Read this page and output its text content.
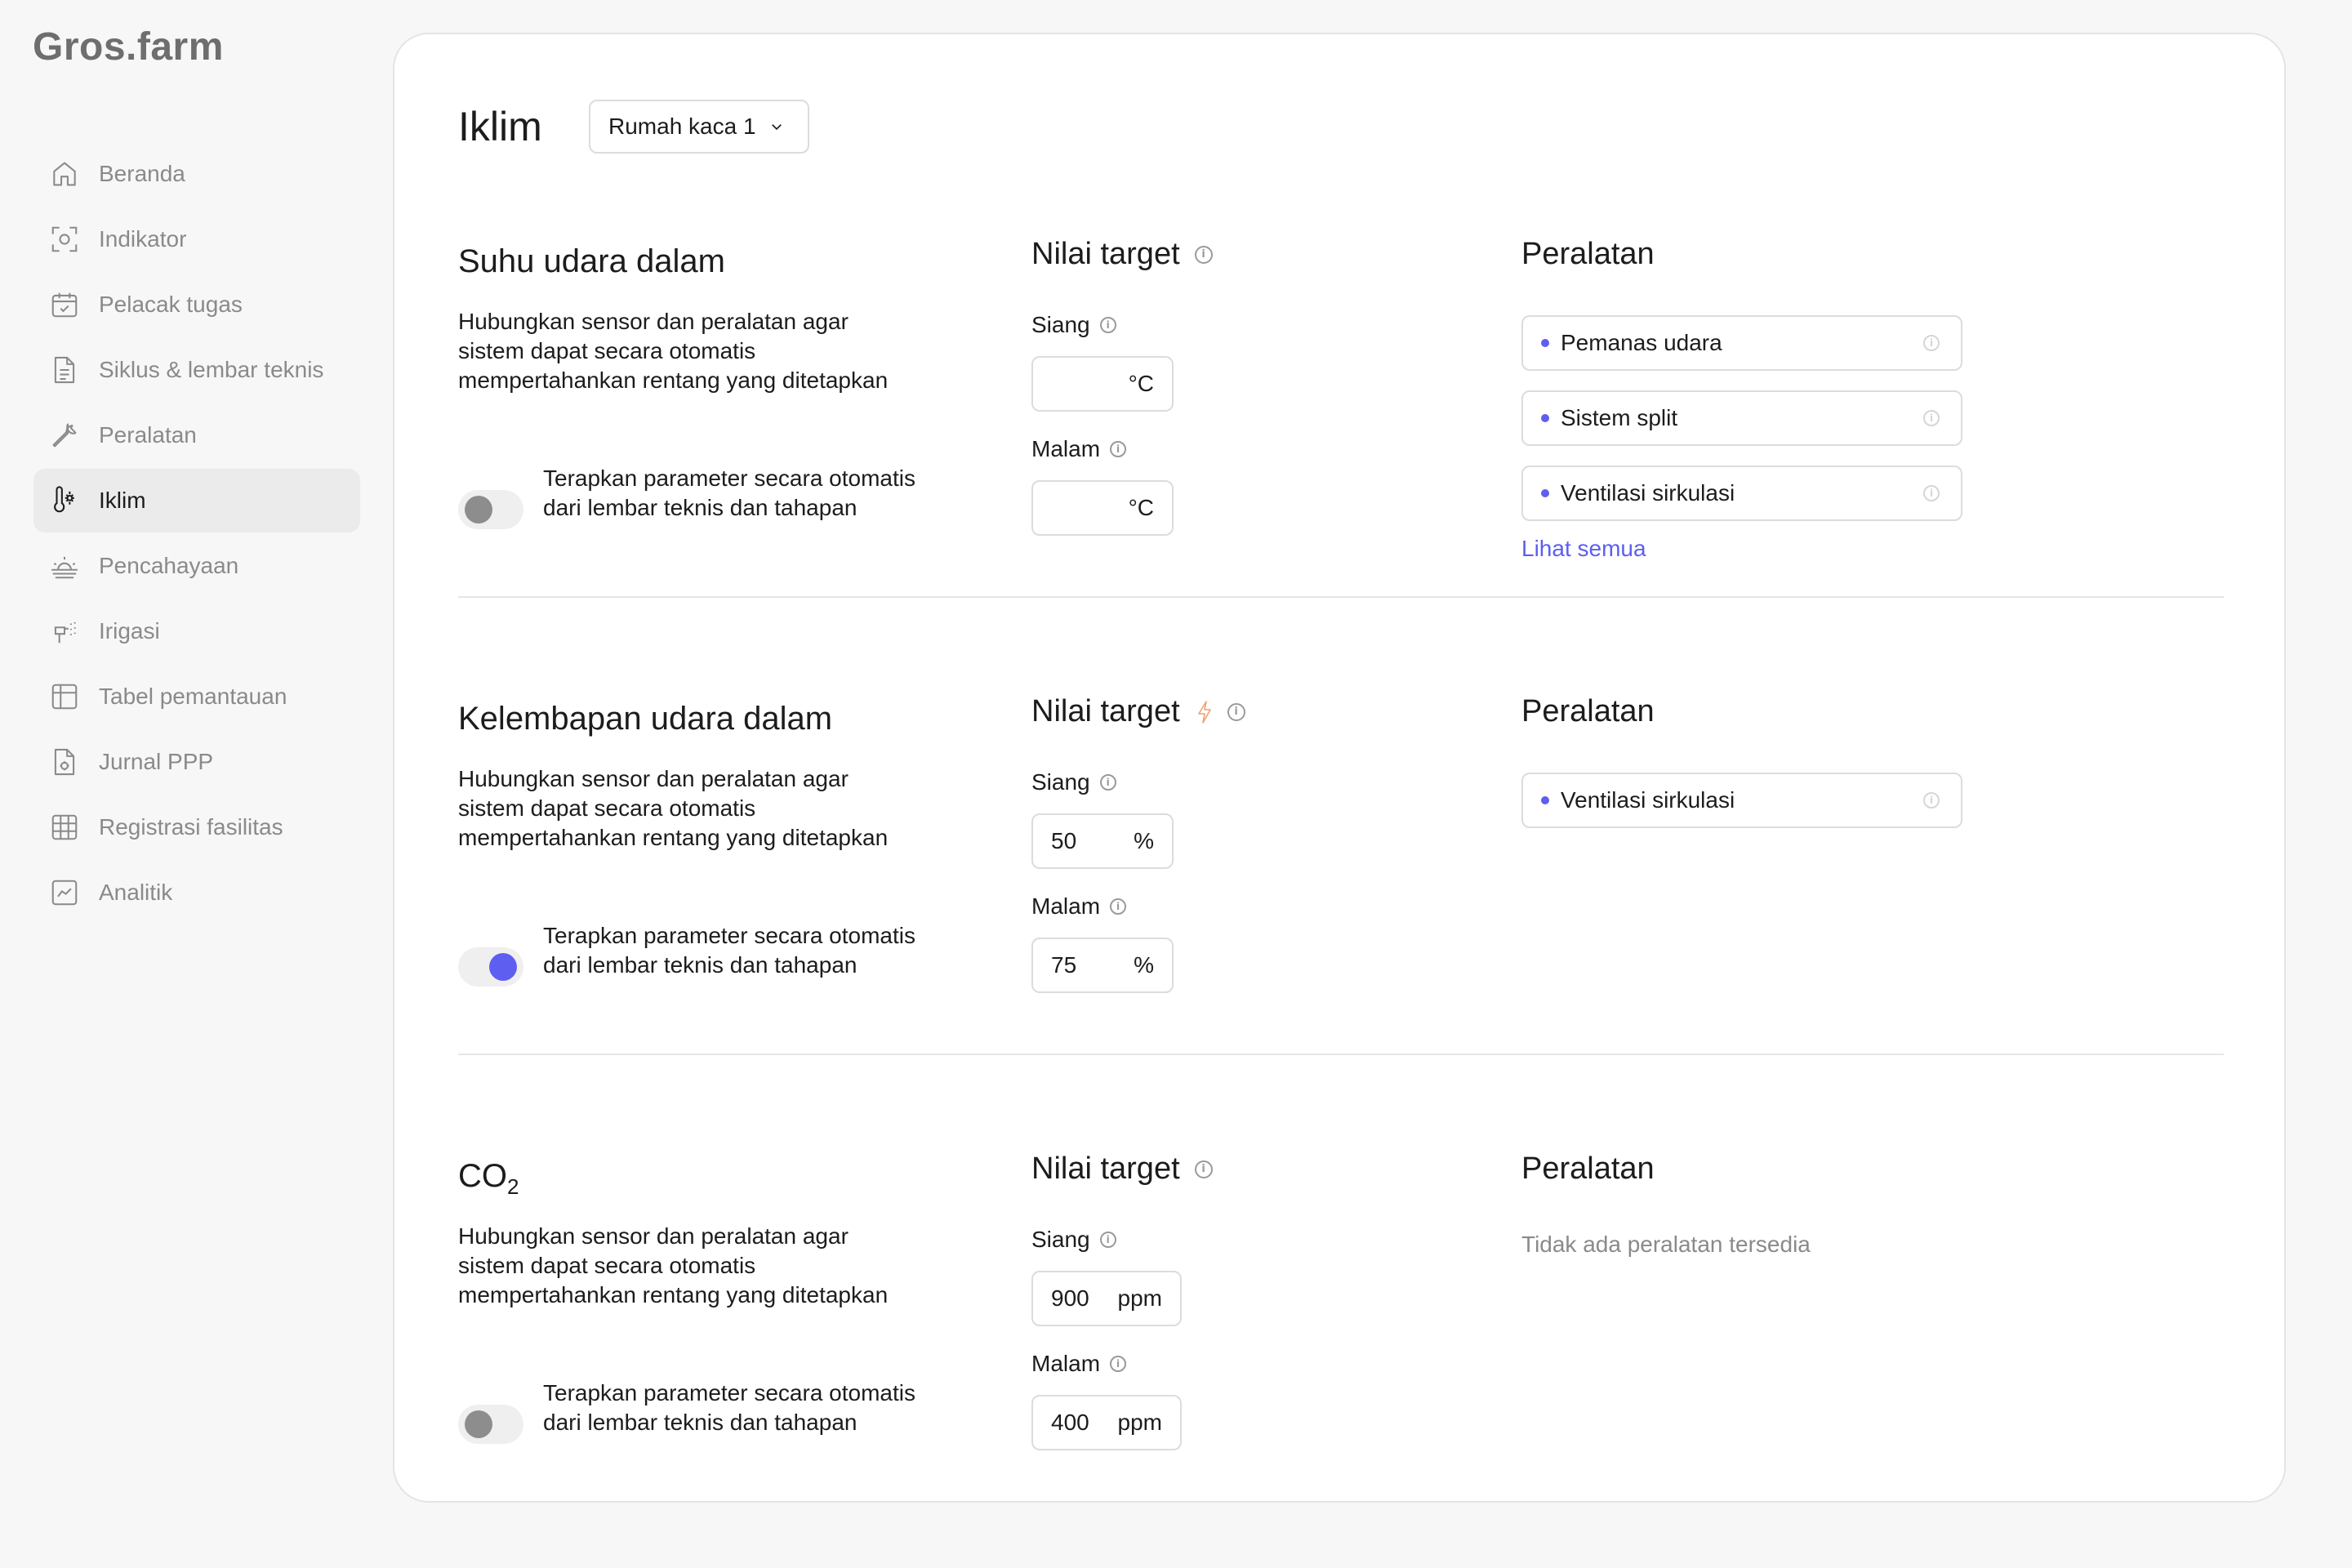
Gros.farm
Beranda
Indikator
Pelacak tugas
Siklus & lembar teknis
Peralatan
Iklim
Pencahayaan
Irigasi
Tabel pemantauan
Jurnal PPP
Registrasi fasilitas
Analitik
Iklim	Rumah kaca 1
Suhu udara dalam
Hubungkan sensor dan peralatan agar sistem dapat secara otomatis mempertahankan rentang yang ditetapkan
Terapkan parameter secara otomatis dari lembar teknis dan tahapan
Nilai target	i
Siang	i
°C
Malam	i
°C
Peralatan
Pemanas udara	i
Sistem split	i
Ventilasi sirkulasi	i
Lihat semua
Kelembapan udara dalam
Hubungkan sensor dan peralatan agar sistem dapat secara otomatis mempertahankan rentang yang ditetapkan
Terapkan parameter secara otomatis dari lembar teknis dan tahapan
Nilai target	i
Siang	i
50 %
Malam	i
75 %
Peralatan
Ventilasi sirkulasi	i
$CO_2$
Hubungkan sensor dan peralatan agar sistem dapat secara otomatis mempertahankan rentang yang ditetapkan
Terapkan parameter secara otomatis dari lembar teknis dan tahapan
Nilai target	i
Siang	i
900 ppm
Malam	i
400 ppm
Peralatan
Tidak ada peralatan tersedia
